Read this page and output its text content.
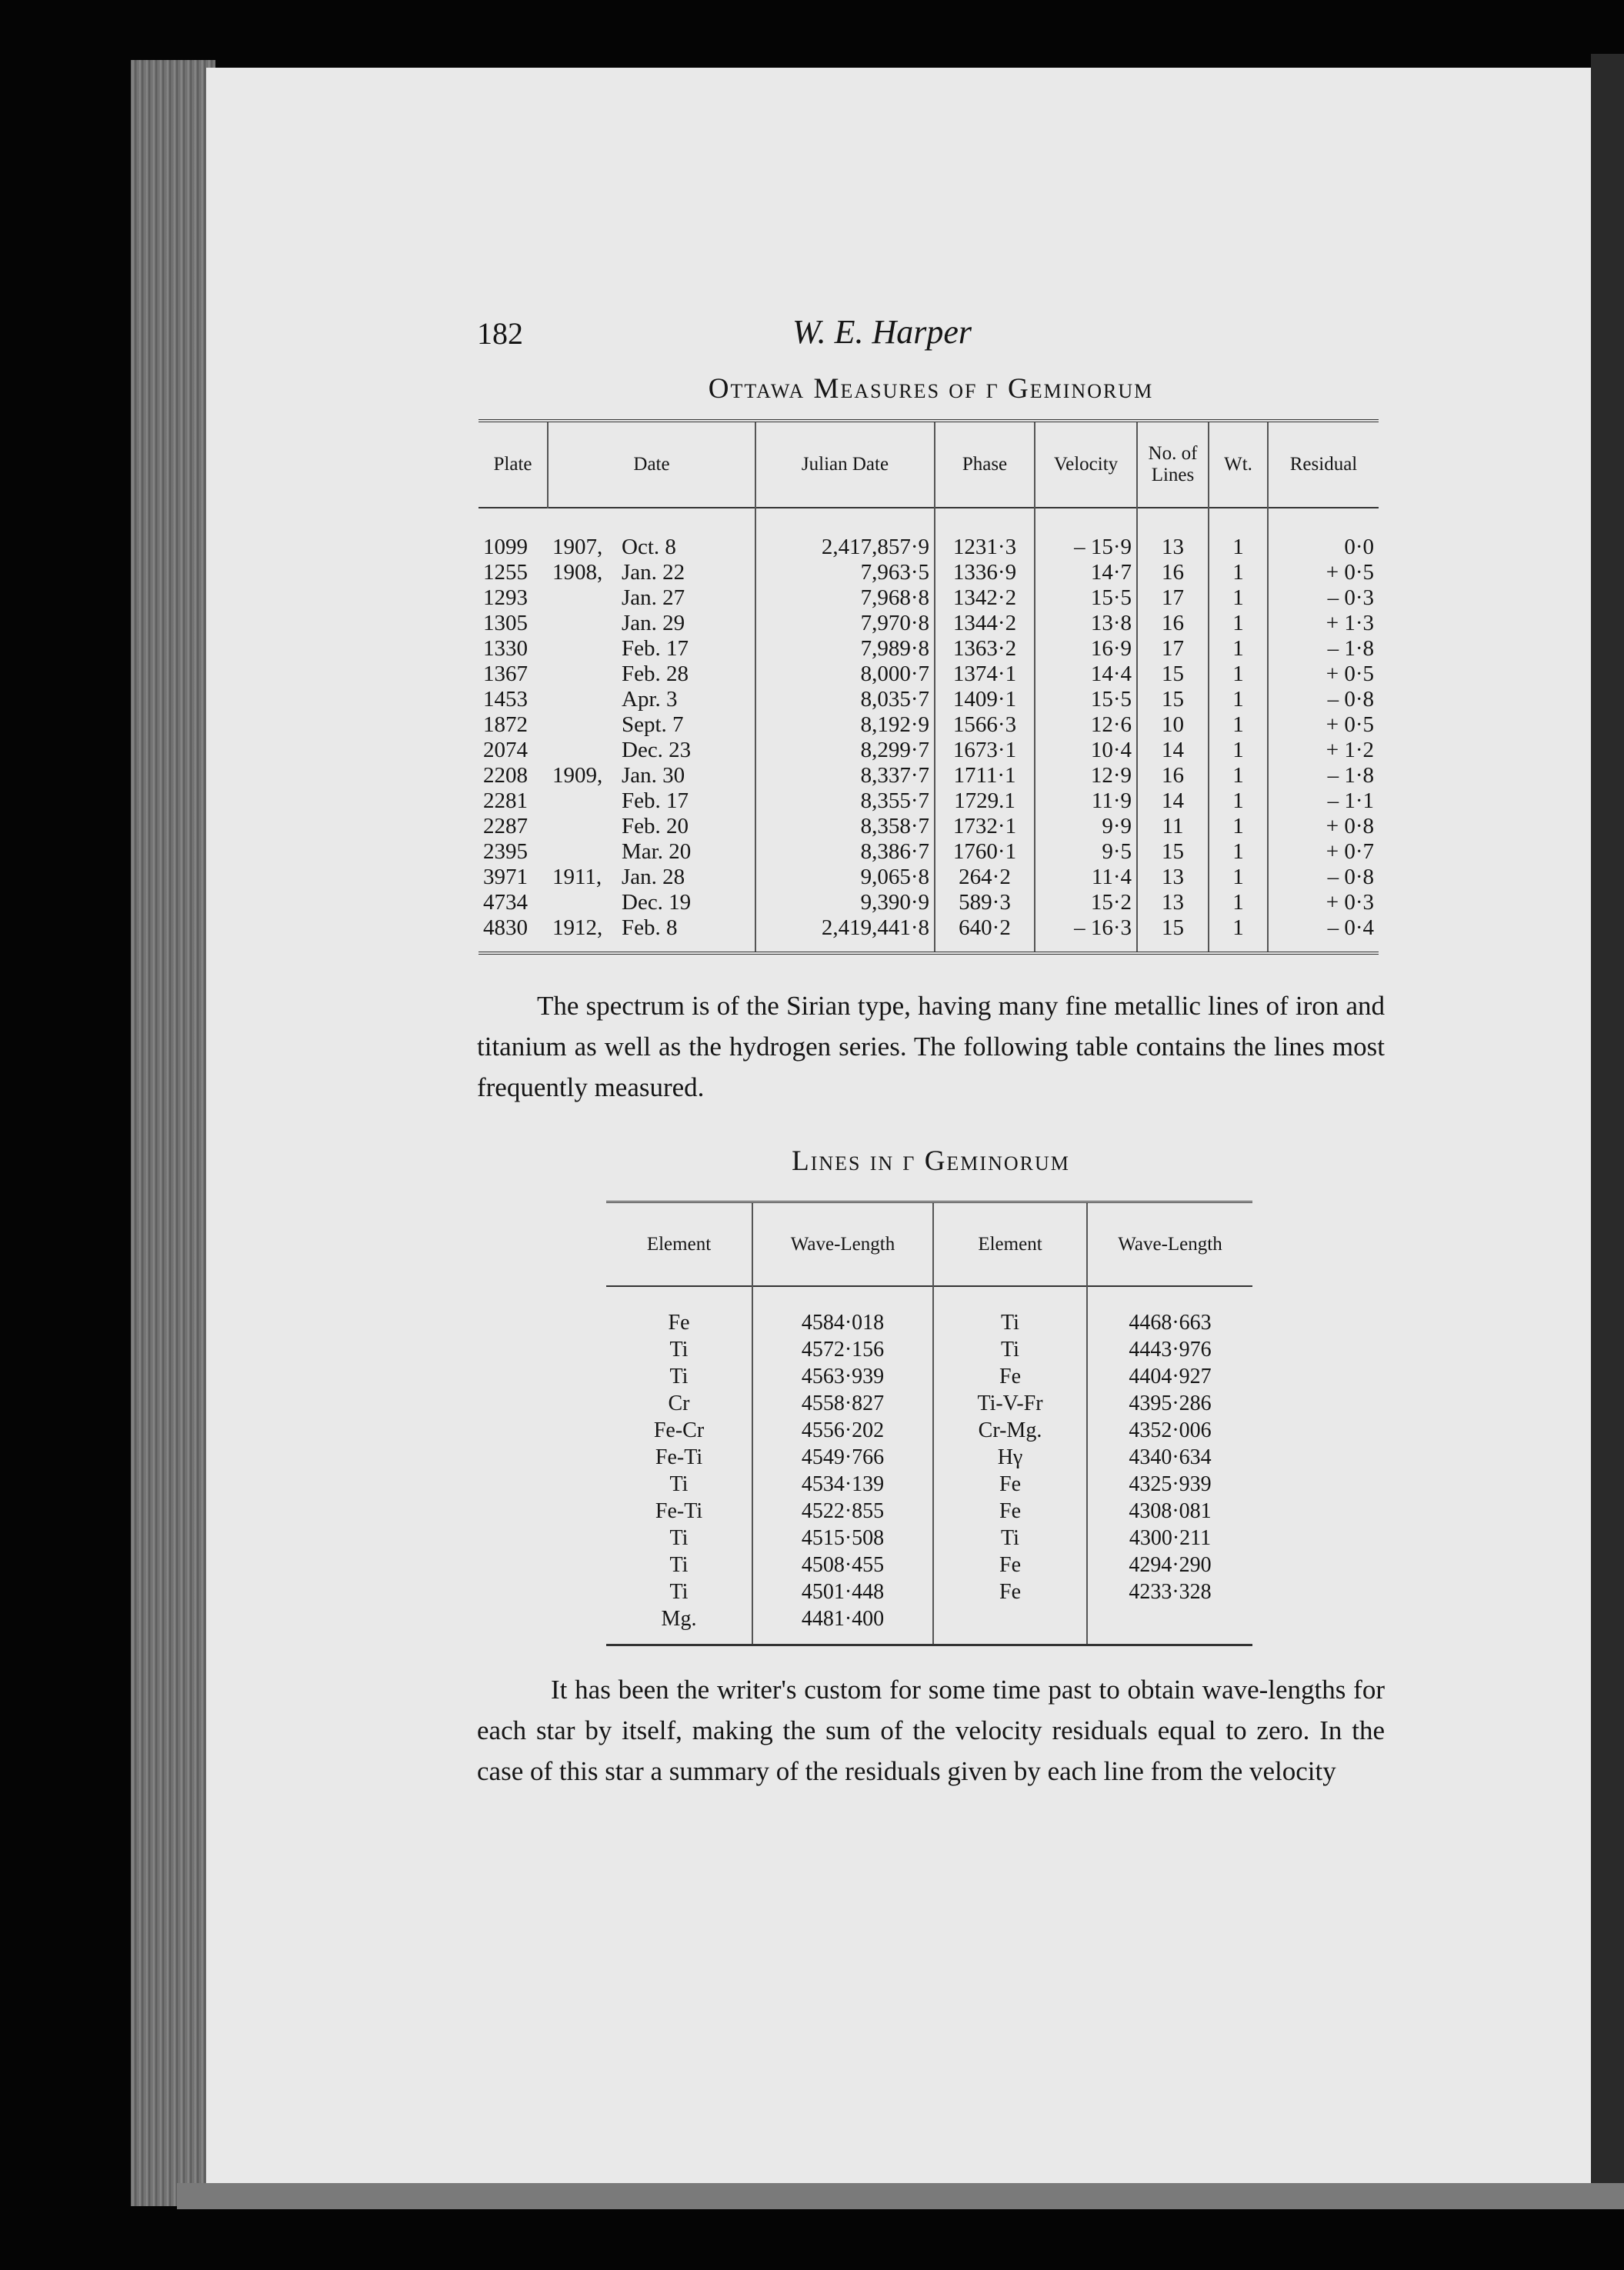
182	W. E. Harper
Ottawa Measures of γ Geminorum
Plate	Date		Julian Date	Phase	Velocity	No. of Lines	Wt.	Residual
1099	1907,	Oct. 8	2,417,857·9	1231·3	– 15·9	13	1	0·0
1255	1908,	Jan. 22	7,963·5	1336·9	14·7	16	1	+ 0·5
1293		Jan. 27	7,968·8	1342·2	15·5	17	1	– 0·3
1305		Jan. 29	7,970·8	1344·2	13·8	16	1	+ 1·3
1330		Feb. 17	7,989·8	1363·2	16·9	17	1	– 1·8
1367		Feb. 28	8,000·7	1374·1	14·4	15	1	+ 0·5
1453		Apr. 3	8,035·7	1409·1	15·5	15	1	– 0·8
1872		Sept. 7	8,192·9	1566·3	12·6	10	1	+ 0·5
2074		Dec. 23	8,299·7	1673·1	10·4	14	1	+ 1·2
2208	1909,	Jan. 30	8,337·7	1711·1	12·9	16	1	– 1·8
2281		Feb. 17	8,355·7	1729.1	11·9	14	1	– 1·1
2287		Feb. 20	8,358·7	1732·1	9·9	11	1	+ 0·8
2395		Mar. 20	8,386·7	1760·1	9·5	15	1	+ 0·7
3971	1911,	Jan. 28	9,065·8	264·2	11·4	13	1	– 0·8
4734		Dec. 19	9,390·9	589·3	15·2	13	1	+ 0·3
4830	1912,	Feb. 8	2,419,441·8	640·2	– 16·3	15	1	– 0·4

The spectrum is of the Sirian type, having many fine metallic lines of iron and titanium as well as the hydrogen series. The following table contains the lines most frequently measured.

Lines in γ Geminorum
Element	Wave-Length	Element	Wave-Length
Fe	4584·018	Ti	4468·663
Ti	4572·156	Ti	4443·976
Ti	4563·939	Fe	4404·927
Cr	4558·827	Ti-V-Fr	4395·286
Fe-Cr	4556·202	Cr-Mg.	4352·006
Fe-Ti	4549·766	Hγ	4340·634
Ti	4534·139	Fe	4325·939
Fe-Ti	4522·855	Fe	4308·081
Ti	4515·508	Ti	4300·211
Ti	4508·455	Fe	4294·290
Ti	4501·448	Fe	4233·328
Mg.	4481·400		

It has been the writer's custom for some time past to obtain wave-lengths for each star by itself, making the sum of the velocity residuals equal to zero. In the case of this star a summary of the residuals given by each line from the velocity
